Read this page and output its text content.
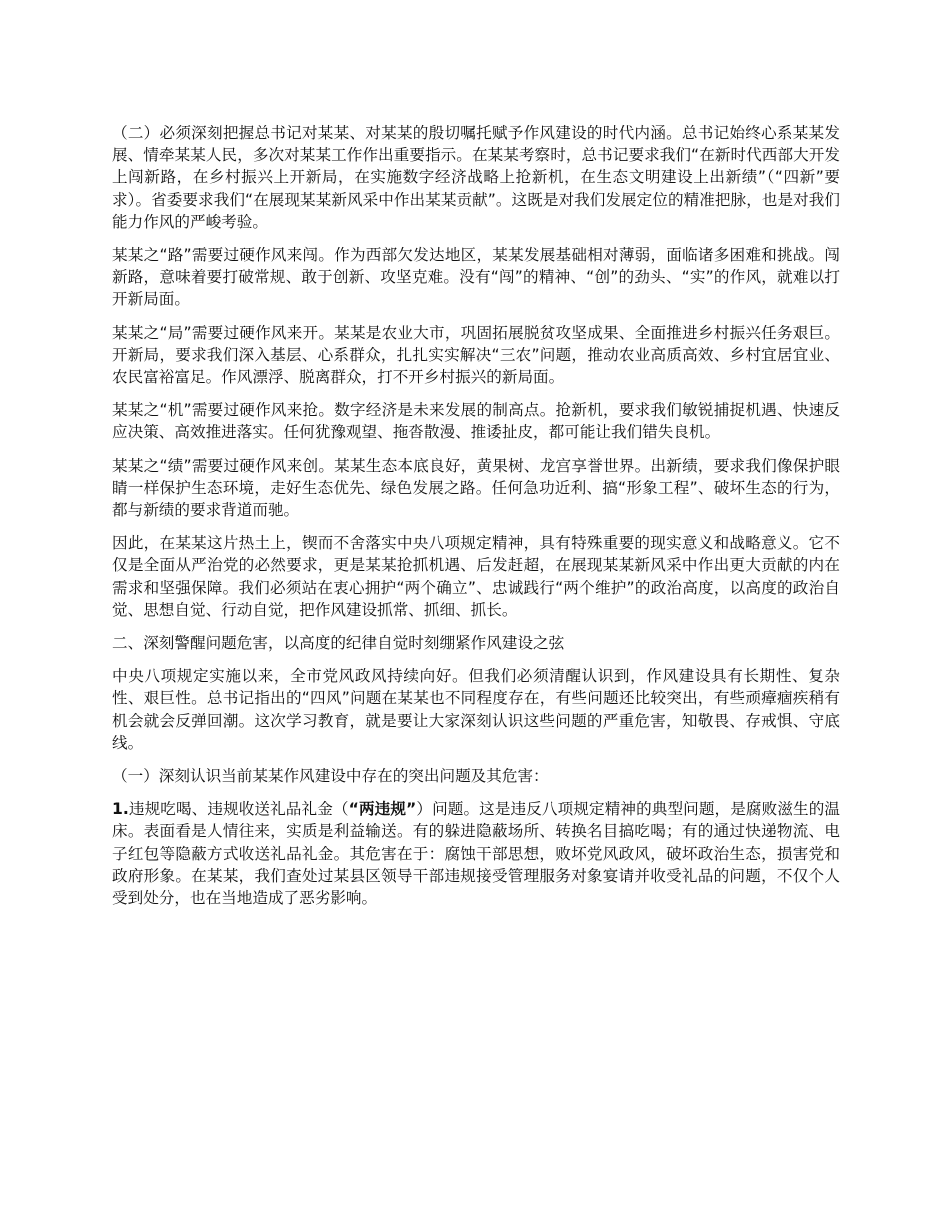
（二）必须深刻把握总书记对某某、对某某的殷切嘱托赋予作风建设的时代内涵。总书记始终心系某某发展、情牵某某人民，多次对某某工作作出重要指示。在某某考察时，总书记要求我们“在新时代西部大开发上闯新路，在乡村振兴上开新局，在实施数字经济战略上抢新机，在生态文明建设上出新绩”（“四新”要求）。省委要求我们“在展现某某新风采中作出某某贡献”。这既是对我们发展定位的精准把脉，也是对我们能力作风的严峻考验。

某某之“路”需要过硬作风来闯。作为西部欠发达地区，某某发展基础相对薄弱，面临诸多困难和挑战。闯新路，意味着要打破常规、敢于创新、攻坚克难。没有“闯”的精神、“创”的劲头、“实”的作风，就难以打开新局面。

某某之“局”需要过硬作风来开。某某是农业大市，巩固拓展脱贫攻坚成果、全面推进乡村振兴任务艰巨。开新局，要求我们深入基层、心系群众，扎扎实实解决“三农”问题，推动农业高质高效、乡村宜居宜业、农民富裕富足。作风漂浮、脱离群众，打不开乡村振兴的新局面。

某某之“机”需要过硬作风来抢。数字经济是未来发展的制高点。抢新机，要求我们敏锐捕捉机遇、快速反应决策、高效推进落实。任何犹豫观望、拖沓散漫、推诿扯皮，都可能让我们错失良机。

某某之“绩”需要过硬作风来创。某某生态本底良好，黄果树、龙宫享誉世界。出新绩，要求我们像保护眼睛一样保护生态环境，走好生态优先、绿色发展之路。任何急功近利、搞“形象工程”、破坏生态的行为，都与新绩的要求背道而驰。

因此，在某某这片热土上，锲而不舍落实中央八项规定精神，具有特殊重要的现实意义和战略意义。它不仅是全面从严治党的必然要求，更是某某抢抓机遇、后发赶超，在展现某某新风采中作出更大贡献的内在需求和坚强保障。我们必须站在衷心拥护“两个确立”、忠诚践行“两个维护”的政治高度，以高度的政治自觉、思想自觉、行动自觉，把作风建设抓常、抓细、抓长。

二、深刻警醒问题危害，以高度的纪律自觉时刻绷紧作风建设之弦

中央八项规定实施以来，全市党风政风持续向好。但我们必须清醒认识到，作风建设具有长期性、复杂性、艰巨性。总书记指出的“四风”问题在某某也不同程度存在，有些问题还比较突出，有些顽瘴痼疾稍有机会就会反弹回潮。这次学习教育，就是要让大家深刻认识这些问题的严重危害，知敬畏、存戒惧、守底线。

（一）深刻认识当前某某作风建设中存在的突出问题及其危害：

1.违规吃喝、违规收送礼品礼金（“两违规”）问题。这是违反八项规定精神的典型问题，是腐败滋生的温床。表面看是人情往来，实质是利益输送。有的躲进隐蔽场所、转换名目搞吃喝；有的通过快递物流、电子红包等隐蔽方式收送礼品礼金。其危害在于：腐蚀干部思想，败坏党风政风，破坏政治生态，损害党和政府形象。在某某，我们查处过某县区领导干部违规接受管理服务对象宴请并收受礼品的问题，不仅个人受到处分，也在当地造成了恶劣影响。
